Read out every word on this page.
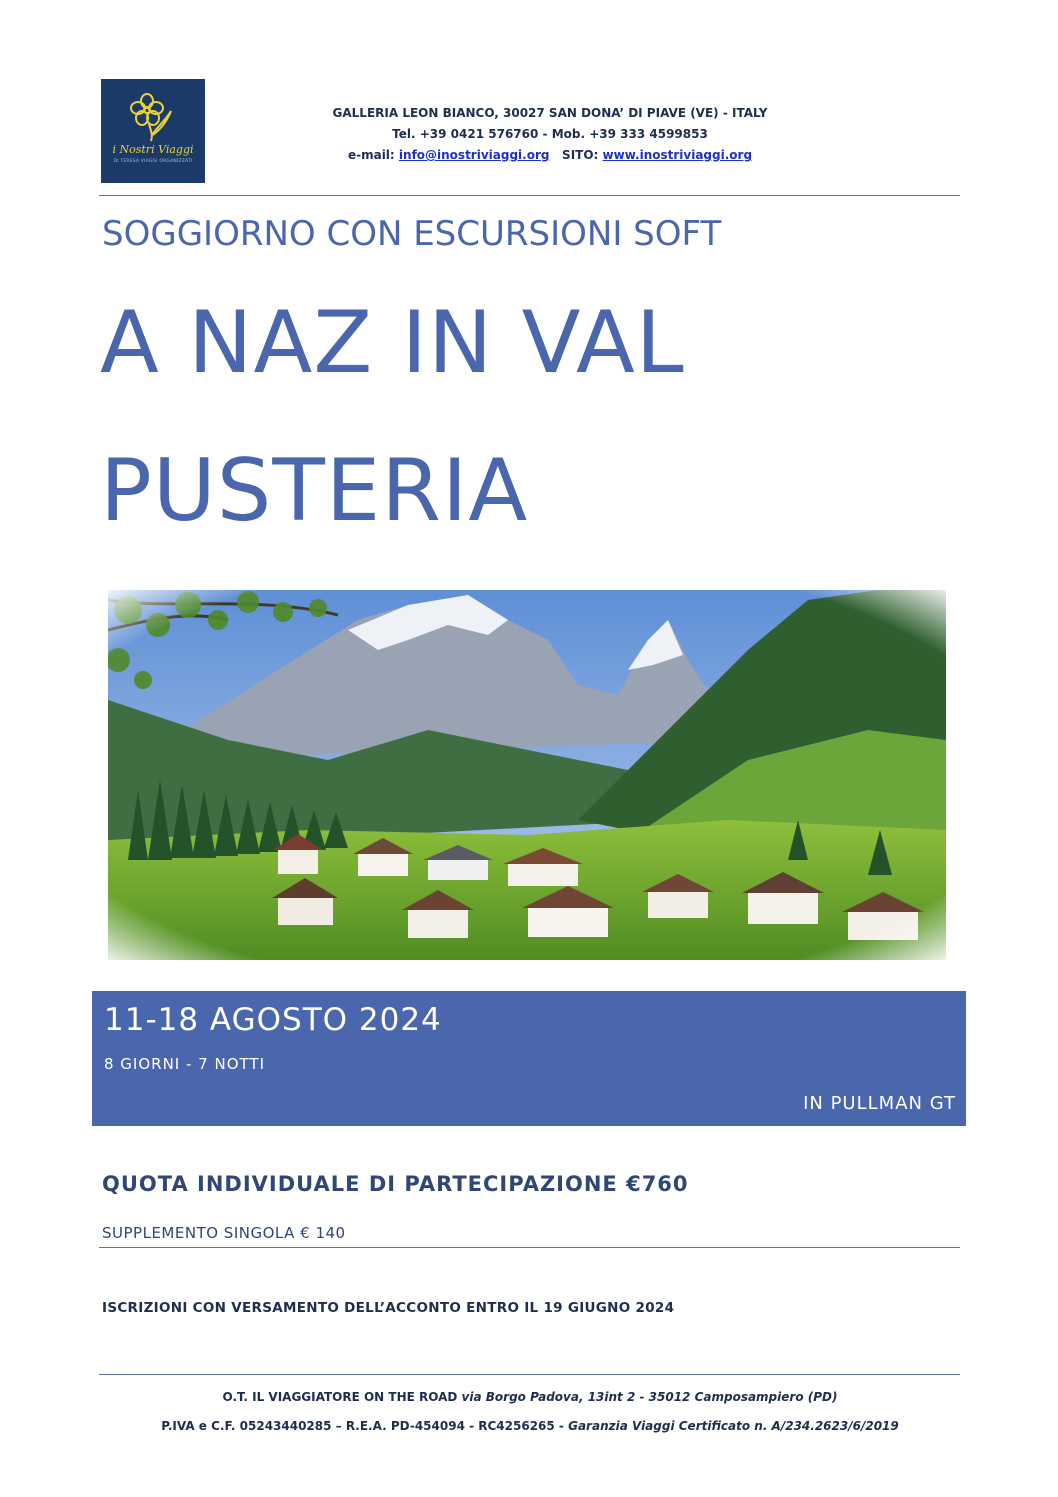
i Nostri Viaggi
DI TERESA VIAGGI ORGANIZZATI
GALLERIA LEON BIANCO, 30027 SAN DONA’ DI PIAVE (VE) - ITALY
Tel. +39 0421 576760 - Mob. +39 333 4599853
e-mail: info@inostriviaggi.org SITO: www.inostriviaggi.org
SOGGIORNO CON ESCURSIONI SOFT
A NAZ IN VAL
PUSTERIA
11-18 AGOSTO 2024
8 GIORNI - 7 NOTTI
IN PULLMAN GT
QUOTA INDIVIDUALE DI PARTECIPAZIONE €760
SUPPLEMENTO SINGOLA € 140
ISCRIZIONI CON VERSAMENTO DELL’ACCONTO ENTRO IL 19 GIUGNO 2024
O.T. IL VIAGGIATORE ON THE ROAD via Borgo Padova, 13int 2 - 35012 Camposampiero (PD)
P.IVA e C.F. 05243440285 – R.E.A. PD-454094 - RC4256265 - Garanzia Viaggi Certificato n. A/234.2623/6/2019
